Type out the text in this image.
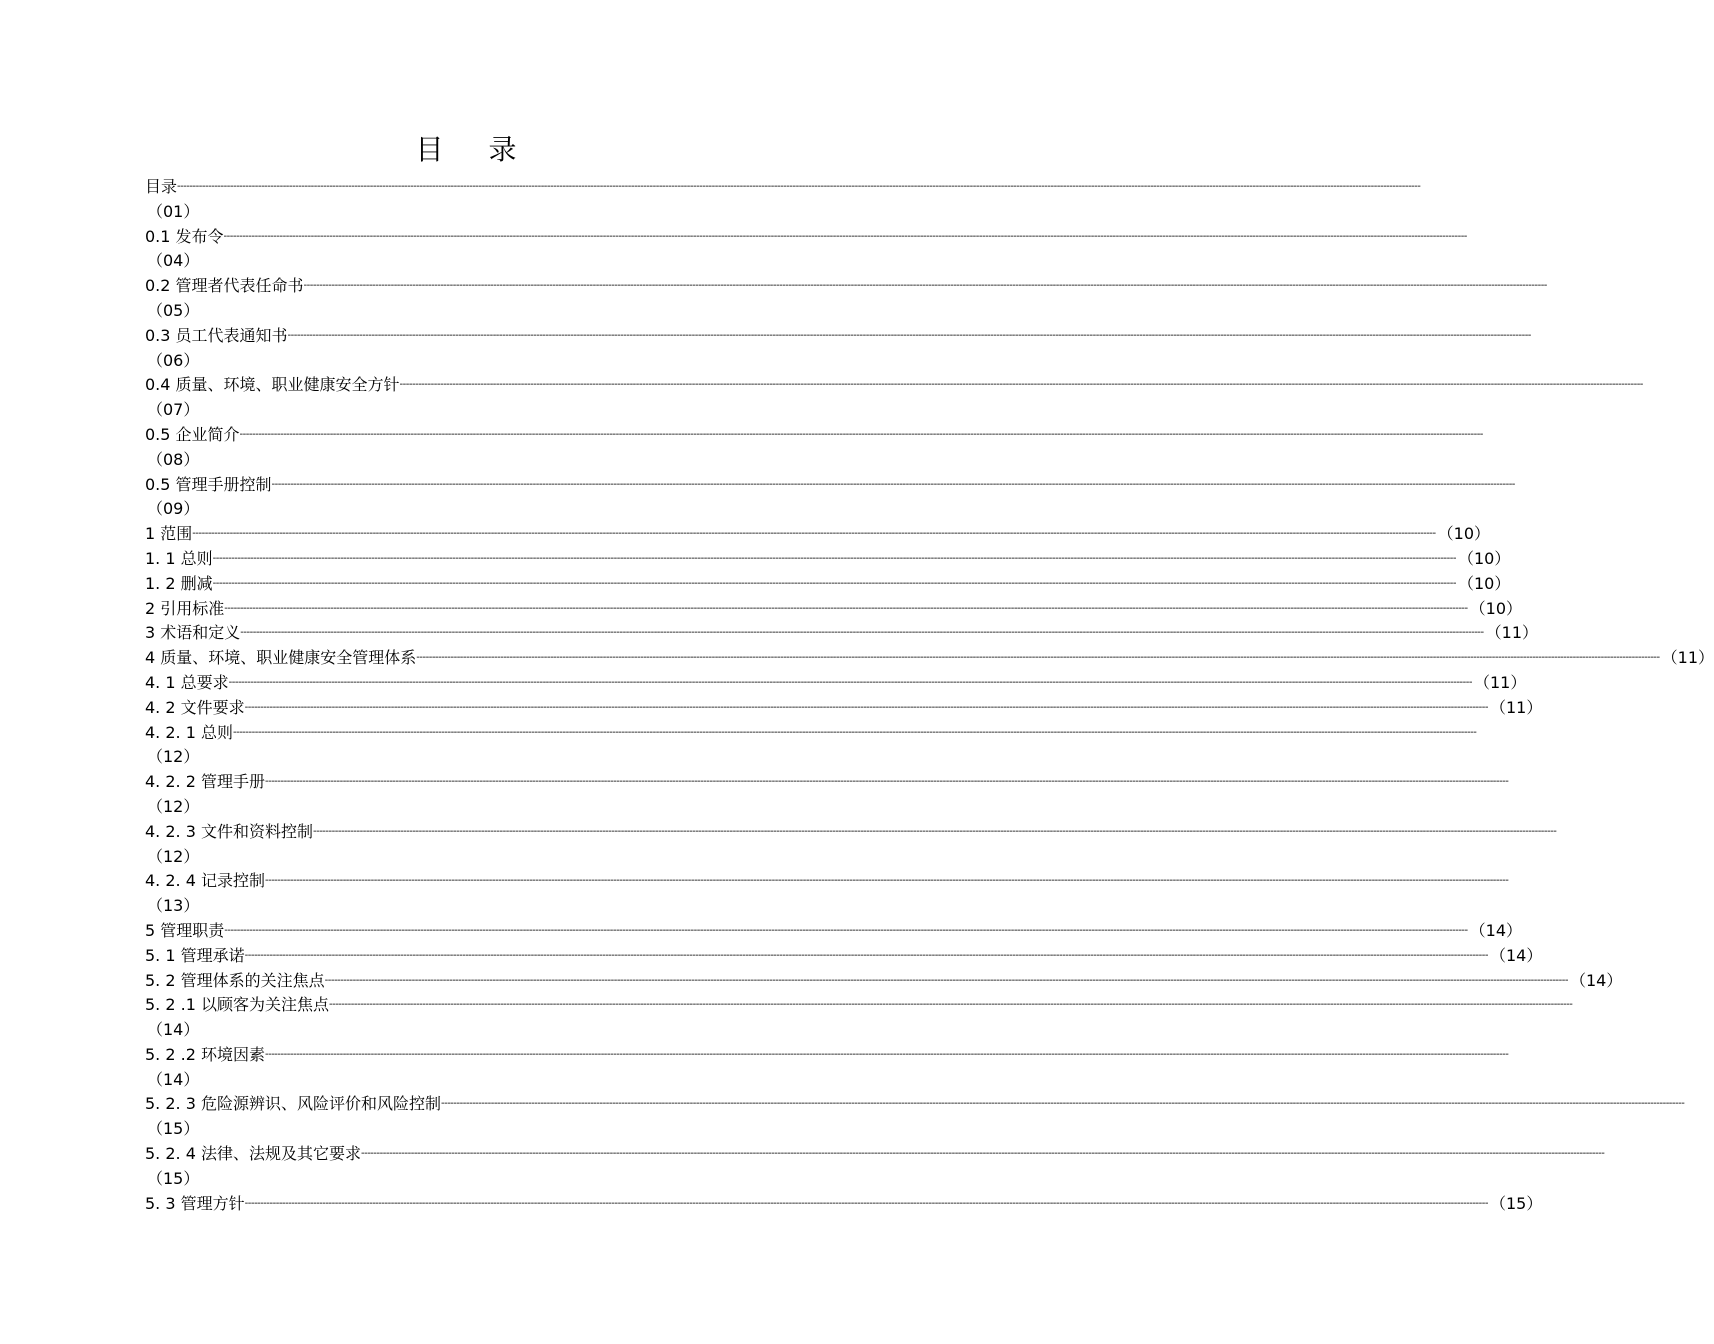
目 录
目录 ----------------------------------------------------------------------------------------------------------------------------------------------------------------------------------------------------------------------------------------------------------------------------------------------------------------------------------------------------------------------------------------------------------------
（01）
0.1 发布令 ----------------------------------------------------------------------------------------------------------------------------------------------------------------------------------------------------------------------------------------------------------------------------------------------------------------------------------------------------------------------------------------------------------------
（04）
0.2 管理者代表任命书 ----------------------------------------------------------------------------------------------------------------------------------------------------------------------------------------------------------------------------------------------------------------------------------------------------------------------------------------------------------------------------------------------------------------
（05）
0.3 员工代表通知书 ----------------------------------------------------------------------------------------------------------------------------------------------------------------------------------------------------------------------------------------------------------------------------------------------------------------------------------------------------------------------------------------------------------------
（06）
0.4 质量、环境、职业健康安全方针 ----------------------------------------------------------------------------------------------------------------------------------------------------------------------------------------------------------------------------------------------------------------------------------------------------------------------------------------------------------------------------------------------------------------
（07）
0.5 企业简介 ----------------------------------------------------------------------------------------------------------------------------------------------------------------------------------------------------------------------------------------------------------------------------------------------------------------------------------------------------------------------------------------------------------------
（08）
0.5 管理手册控制 ----------------------------------------------------------------------------------------------------------------------------------------------------------------------------------------------------------------------------------------------------------------------------------------------------------------------------------------------------------------------------------------------------------------
（09）
1 范围 ---------------------------------------------------------------------------------------------------------------------------------------------------------------------------------------------------------------------------------------------------------------------------------------------------------------------------------------------------------------------------------------------------------------- （10）
1. 1 总则 ---------------------------------------------------------------------------------------------------------------------------------------------------------------------------------------------------------------------------------------------------------------------------------------------------------------------------------------------------------------------------------------------------------------- （10）
1. 2 删减 ---------------------------------------------------------------------------------------------------------------------------------------------------------------------------------------------------------------------------------------------------------------------------------------------------------------------------------------------------------------------------------------------------------------- （10）
2 引用标准 ---------------------------------------------------------------------------------------------------------------------------------------------------------------------------------------------------------------------------------------------------------------------------------------------------------------------------------------------------------------------------------------------------------------- （10）
3 术语和定义 ---------------------------------------------------------------------------------------------------------------------------------------------------------------------------------------------------------------------------------------------------------------------------------------------------------------------------------------------------------------------------------------------------------------- （11）
4 质量、环境、职业健康安全管理体系 ---------------------------------------------------------------------------------------------------------------------------------------------------------------------------------------------------------------------------------------------------------------------------------------------------------------------------------------------------------------------------------------------------------------- （11）
4. 1 总要求 ---------------------------------------------------------------------------------------------------------------------------------------------------------------------------------------------------------------------------------------------------------------------------------------------------------------------------------------------------------------------------------------------------------------- （11）
4. 2 文件要求 ---------------------------------------------------------------------------------------------------------------------------------------------------------------------------------------------------------------------------------------------------------------------------------------------------------------------------------------------------------------------------------------------------------------- （11）
4. 2. 1 总则 ----------------------------------------------------------------------------------------------------------------------------------------------------------------------------------------------------------------------------------------------------------------------------------------------------------------------------------------------------------------------------------------------------------------
（12）
4. 2. 2 管理手册 ----------------------------------------------------------------------------------------------------------------------------------------------------------------------------------------------------------------------------------------------------------------------------------------------------------------------------------------------------------------------------------------------------------------
（12）
4. 2. 3 文件和资料控制 ----------------------------------------------------------------------------------------------------------------------------------------------------------------------------------------------------------------------------------------------------------------------------------------------------------------------------------------------------------------------------------------------------------------
（12）
4. 2. 4 记录控制 ----------------------------------------------------------------------------------------------------------------------------------------------------------------------------------------------------------------------------------------------------------------------------------------------------------------------------------------------------------------------------------------------------------------
（13）
5 管理职责 ---------------------------------------------------------------------------------------------------------------------------------------------------------------------------------------------------------------------------------------------------------------------------------------------------------------------------------------------------------------------------------------------------------------- （14）
5. 1 管理承诺 ---------------------------------------------------------------------------------------------------------------------------------------------------------------------------------------------------------------------------------------------------------------------------------------------------------------------------------------------------------------------------------------------------------------- （14）
5. 2 管理体系的关注焦点 ---------------------------------------------------------------------------------------------------------------------------------------------------------------------------------------------------------------------------------------------------------------------------------------------------------------------------------------------------------------------------------------------------------------- （14）
5. 2 .1 以顾客为关注焦点 ----------------------------------------------------------------------------------------------------------------------------------------------------------------------------------------------------------------------------------------------------------------------------------------------------------------------------------------------------------------------------------------------------------------
（14）
5. 2 .2 环境因素 ----------------------------------------------------------------------------------------------------------------------------------------------------------------------------------------------------------------------------------------------------------------------------------------------------------------------------------------------------------------------------------------------------------------
（14）
5. 2. 3 危险源辨识、风险评价和风险控制 ----------------------------------------------------------------------------------------------------------------------------------------------------------------------------------------------------------------------------------------------------------------------------------------------------------------------------------------------------------------------------------------------------------------
（15）
5. 2. 4 法律、法规及其它要求 ----------------------------------------------------------------------------------------------------------------------------------------------------------------------------------------------------------------------------------------------------------------------------------------------------------------------------------------------------------------------------------------------------------------
（15）
5. 3 管理方针 ---------------------------------------------------------------------------------------------------------------------------------------------------------------------------------------------------------------------------------------------------------------------------------------------------------------------------------------------------------------------------------------------------------------- （15）
